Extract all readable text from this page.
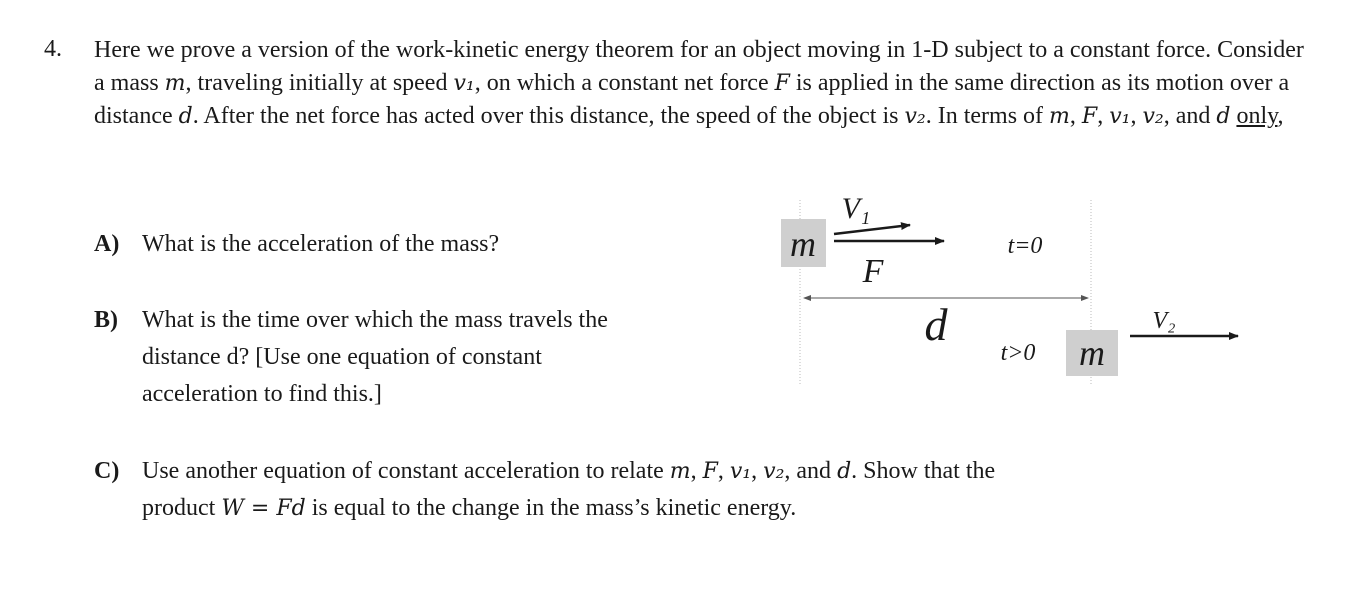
4. Here we prove a version of the work-kinetic energy theorem for an object moving in 1-D subject to a constant force. Consider a mass m, traveling initially at speed v₁, on which a constant net force F is applied in the same direction as its motion over a distance d. After the net force has acted over this distance, the speed of the object is v₂. In terms of m, F, v₁, v₂, and d only,
A) What is the acceleration of the mass?
B) What is the time over which the mass travels the
distance d? [Use one equation of constant
acceleration to find this.]
C) Use another equation of constant acceleration to relate m, F, v₁, v₂, and d. Show that the
product W = Fd is equal to the change in the mass’s kinetic energy.
m
V₁
F
t=0
d
t>0 m
V₂
